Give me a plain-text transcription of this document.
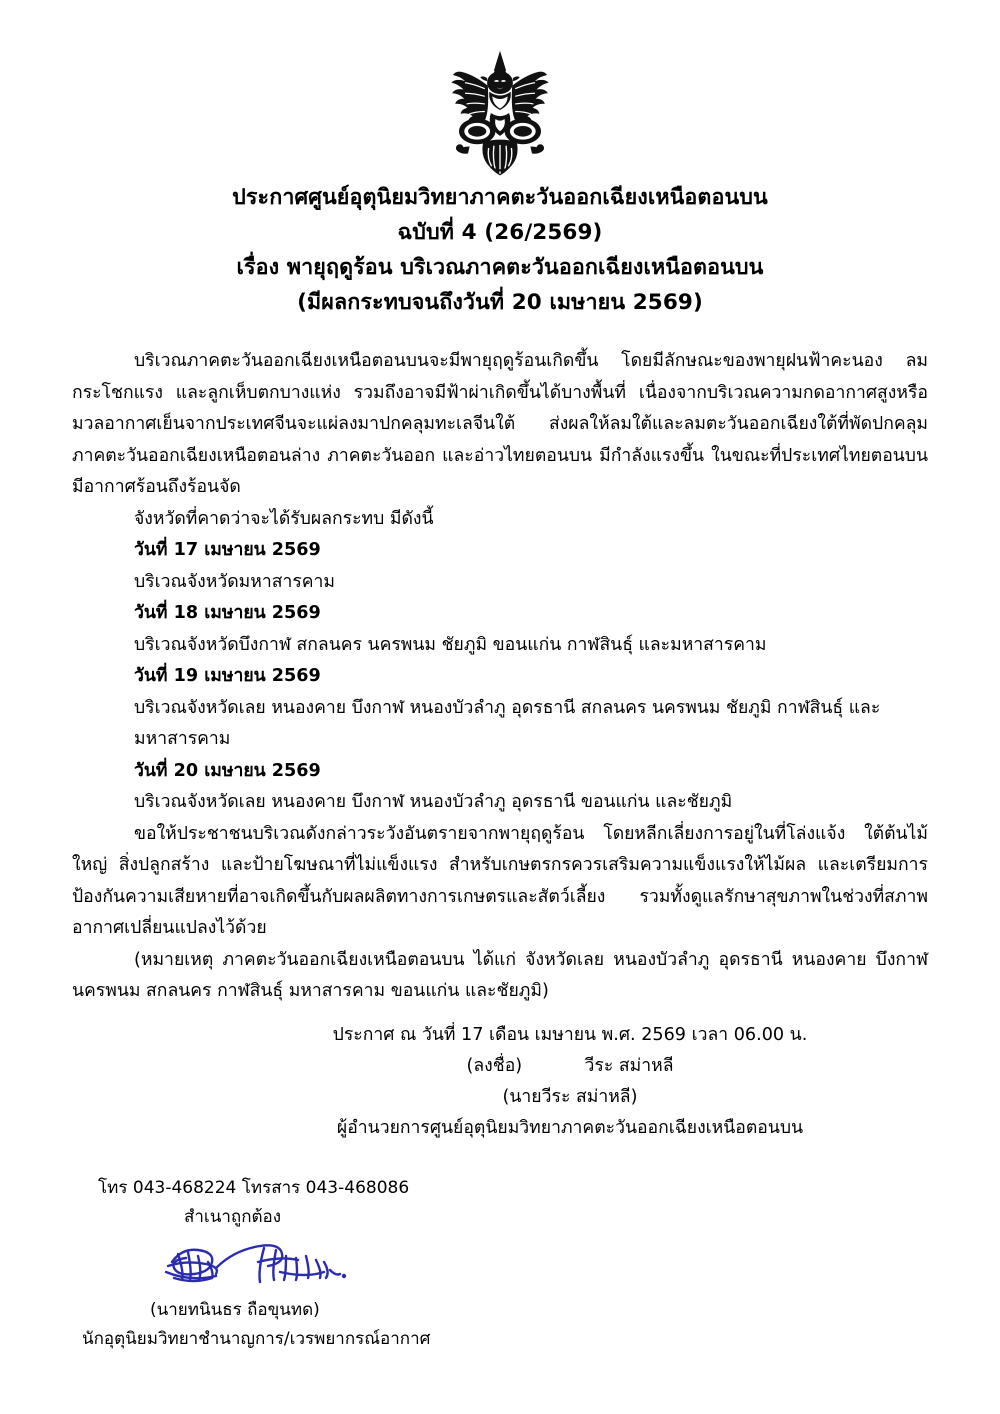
ประกาศศูนย์อุตุนิยมวิทยาภาคตะวันออกเฉียงเหนือตอนบน
ฉบับที่ 4 (26/2569)
เรื่อง พายุฤดูร้อน บริเวณภาคตะวันออกเฉียงเหนือตอนบน
(มีผลกระทบจนถึงวันที่ 20 เมษายน 2569)

บริเวณภาคตะวันออกเฉียงเหนือตอนบนจะมีพายุฤดูร้อนเกิดขึ้น โดยมีลักษณะของพายุฝนฟ้าคะนอง ลมกระโชกแรง และลูกเห็บตกบางแห่ง รวมถึงอาจมีฟ้าผ่าเกิดขึ้นได้บางพื้นที่ เนื่องจากบริเวณความกดอากาศสูงหรือมวลอากาศเย็นจากประเทศจีนจะแผ่ลงมาปกคลุมทะเลจีนใต้ ส่งผลให้ลมใต้และลมตะวันออกเฉียงใต้ที่พัดปกคลุมภาคตะวันออกเฉียงเหนือตอนล่าง ภาคตะวันออก และอ่าวไทยตอนบน มีกำลังแรงขึ้น ในขณะที่ประเทศไทยตอนบนมีอากาศร้อนถึงร้อนจัด

จังหวัดที่คาดว่าจะได้รับผลกระทบ มีดังนี้

วันที่ 17 เมษายน 2569

บริเวณจังหวัดมหาสารคาม

วันที่ 18 เมษายน 2569

บริเวณจังหวัดบึงกาฬ สกลนคร นครพนม ชัยภูมิ ขอนแก่น กาฬสินธุ์ และมหาสารคาม

วันที่ 19 เมษายน 2569

บริเวณจังหวัดเลย หนองคาย บึงกาฬ หนองบัวลำภู อุดรธานี สกลนคร นครพนม ชัยภูมิ กาฬสินธุ์ และ มหาสารคาม

วันที่ 20 เมษายน 2569

บริเวณจังหวัดเลย หนองคาย บึงกาฬ หนองบัวลำภู อุดรธานี ขอนแก่น และชัยภูมิ

ขอให้ประชาชนบริเวณดังกล่าวระวังอันตรายจากพายุฤดูร้อน โดยหลีกเลี่ยงการอยู่ในที่โล่งแจ้ง ใต้ต้นไม้ใหญ่ สิ่งปลูกสร้าง และป้ายโฆษณาที่ไม่แข็งแรง สำหรับเกษตรกรควรเสริมความแข็งแรงให้ไม้ผล และเตรียมการป้องกันความเสียหายที่อาจเกิดขึ้นกับผลผลิตทางการเกษตรและสัตว์เลี้ยง รวมทั้งดูแลรักษาสุขภาพในช่วงที่สภาพอากาศเปลี่ยนแปลงไว้ด้วย

(หมายเหตุ ภาคตะวันออกเฉียงเหนือตอนบน ได้แก่ จังหวัดเลย หนองบัวลำภู อุดรธานี หนองคาย บึงกาฬ นครพนม สกลนคร กาฬสินธุ์ มหาสารคาม ขอนแก่น และชัยภูมิ)

ประกาศ ณ วันที่ 17 เดือน เมษายน พ.ศ. 2569 เวลา 06.00 น.
(ลงชื่อ)	วีระ สม่าหลี
(นายวีระ สม่าหลี)
ผู้อำนวยการศูนย์อุตุนิยมวิทยาภาคตะวันออกเฉียงเหนือตอนบน
โทร 043-468224 โทรสาร 043-468086
สำเนาถูกต้อง
(นายทนินธร ถือขุนทด)
นักอุตุนิยมวิทยาชำนาญการ/เวรพยากรณ์อากาศ
